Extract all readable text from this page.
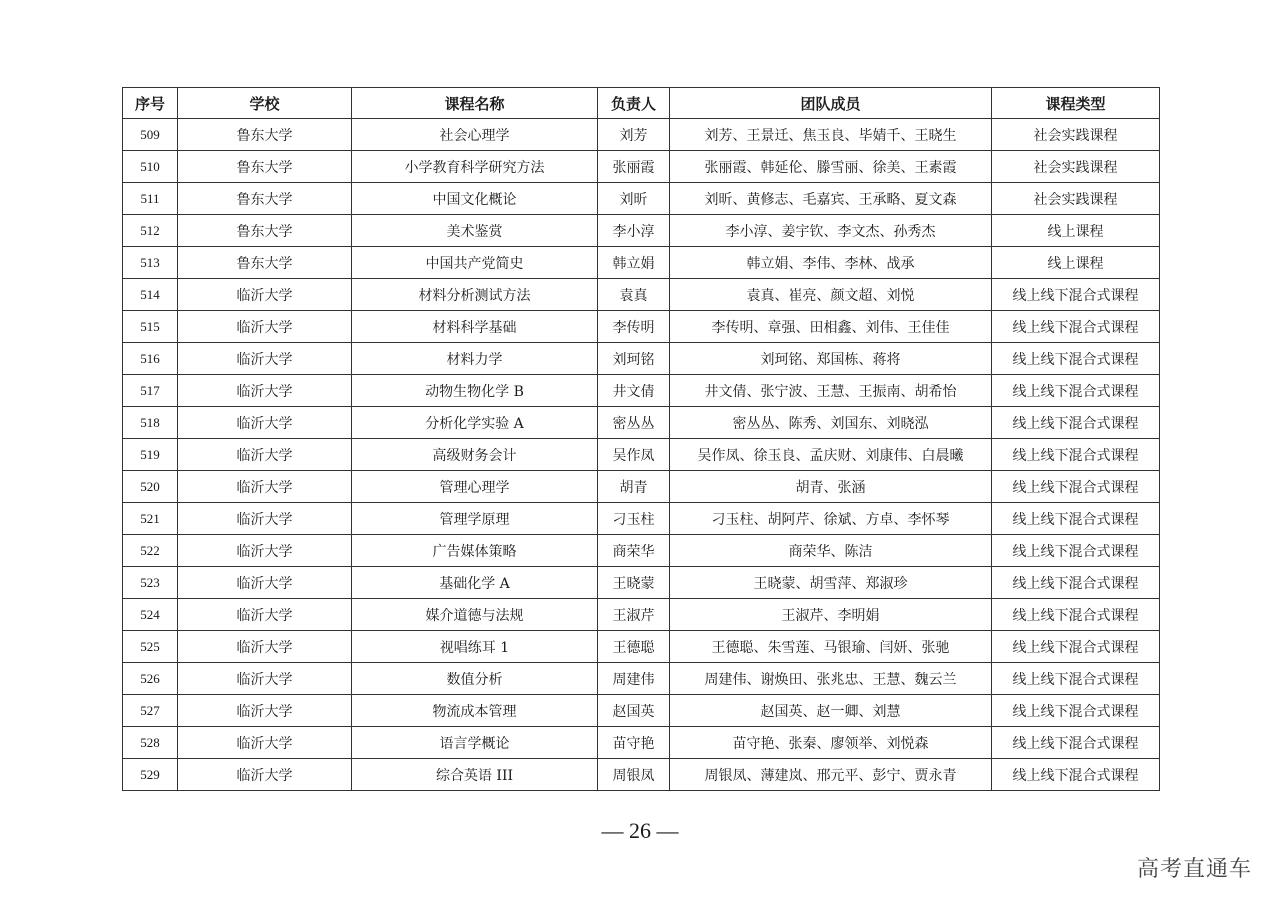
序号	学校	课程名称	负责人	团队成员	课程类型
509	鲁东大学	社会心理学	刘芳	刘芳、王景迁、焦玉良、毕婧千、王晓生	社会实践课程
510	鲁东大学	小学教育科学研究方法	张丽霞	张丽霞、韩延伦、滕雪丽、徐美、王素霞	社会实践课程
511	鲁东大学	中国文化概论	刘昕	刘昕、黄修志、毛嘉宾、王承略、夏文森	社会实践课程
512	鲁东大学	美术鉴赏	李小淳	李小淳、姜宇钦、李文杰、孙秀杰	线上课程
513	鲁东大学	中国共产党简史	韩立娟	韩立娟、李伟、李林、战承	线上课程
514	临沂大学	材料分析测试方法	袁真	袁真、崔亮、颜文超、刘悦	线上线下混合式课程
515	临沂大学	材料科学基础	李传明	李传明、章强、田相鑫、刘伟、王佳佳	线上线下混合式课程
516	临沂大学	材料力学	刘珂铭	刘珂铭、郑国栋、蒋将	线上线下混合式课程
517	临沂大学	动物生物化学 B	井文倩	井文倩、张宁波、王慧、王振南、胡希怡	线上线下混合式课程
518	临沂大学	分析化学实验 A	密丛丛	密丛丛、陈秀、刘国东、刘晓泓	线上线下混合式课程
519	临沂大学	高级财务会计	吴作凤	吴作凤、徐玉良、孟庆财、刘康伟、白晨曦	线上线下混合式课程
520	临沂大学	管理心理学	胡青	胡青、张涵	线上线下混合式课程
521	临沂大学	管理学原理	刁玉柱	刁玉柱、胡阿芹、徐斌、方卓、李怀琴	线上线下混合式课程
522	临沂大学	广告媒体策略	商荣华	商荣华、陈洁	线上线下混合式课程
523	临沂大学	基础化学 A	王晓蒙	王晓蒙、胡雪萍、郑淑珍	线上线下混合式课程
524	临沂大学	媒介道德与法规	王淑芹	王淑芹、李明娟	线上线下混合式课程
525	临沂大学	视唱练耳 1	王德聪	王德聪、朱雪莲、马银瑜、闫妍、张驰	线上线下混合式课程
526	临沂大学	数值分析	周建伟	周建伟、谢焕田、张兆忠、王慧、魏云兰	线上线下混合式课程
527	临沂大学	物流成本管理	赵国英	赵国英、赵一卿、刘慧	线上线下混合式课程
528	临沂大学	语言学概论	苗守艳	苗守艳、张秦、廖领举、刘悦森	线上线下混合式课程
529	临沂大学	综合英语 III	周银凤	周银凤、薄建岚、邢元平、彭宁、贾永青	线上线下混合式课程
— 26 —
高考直通车
